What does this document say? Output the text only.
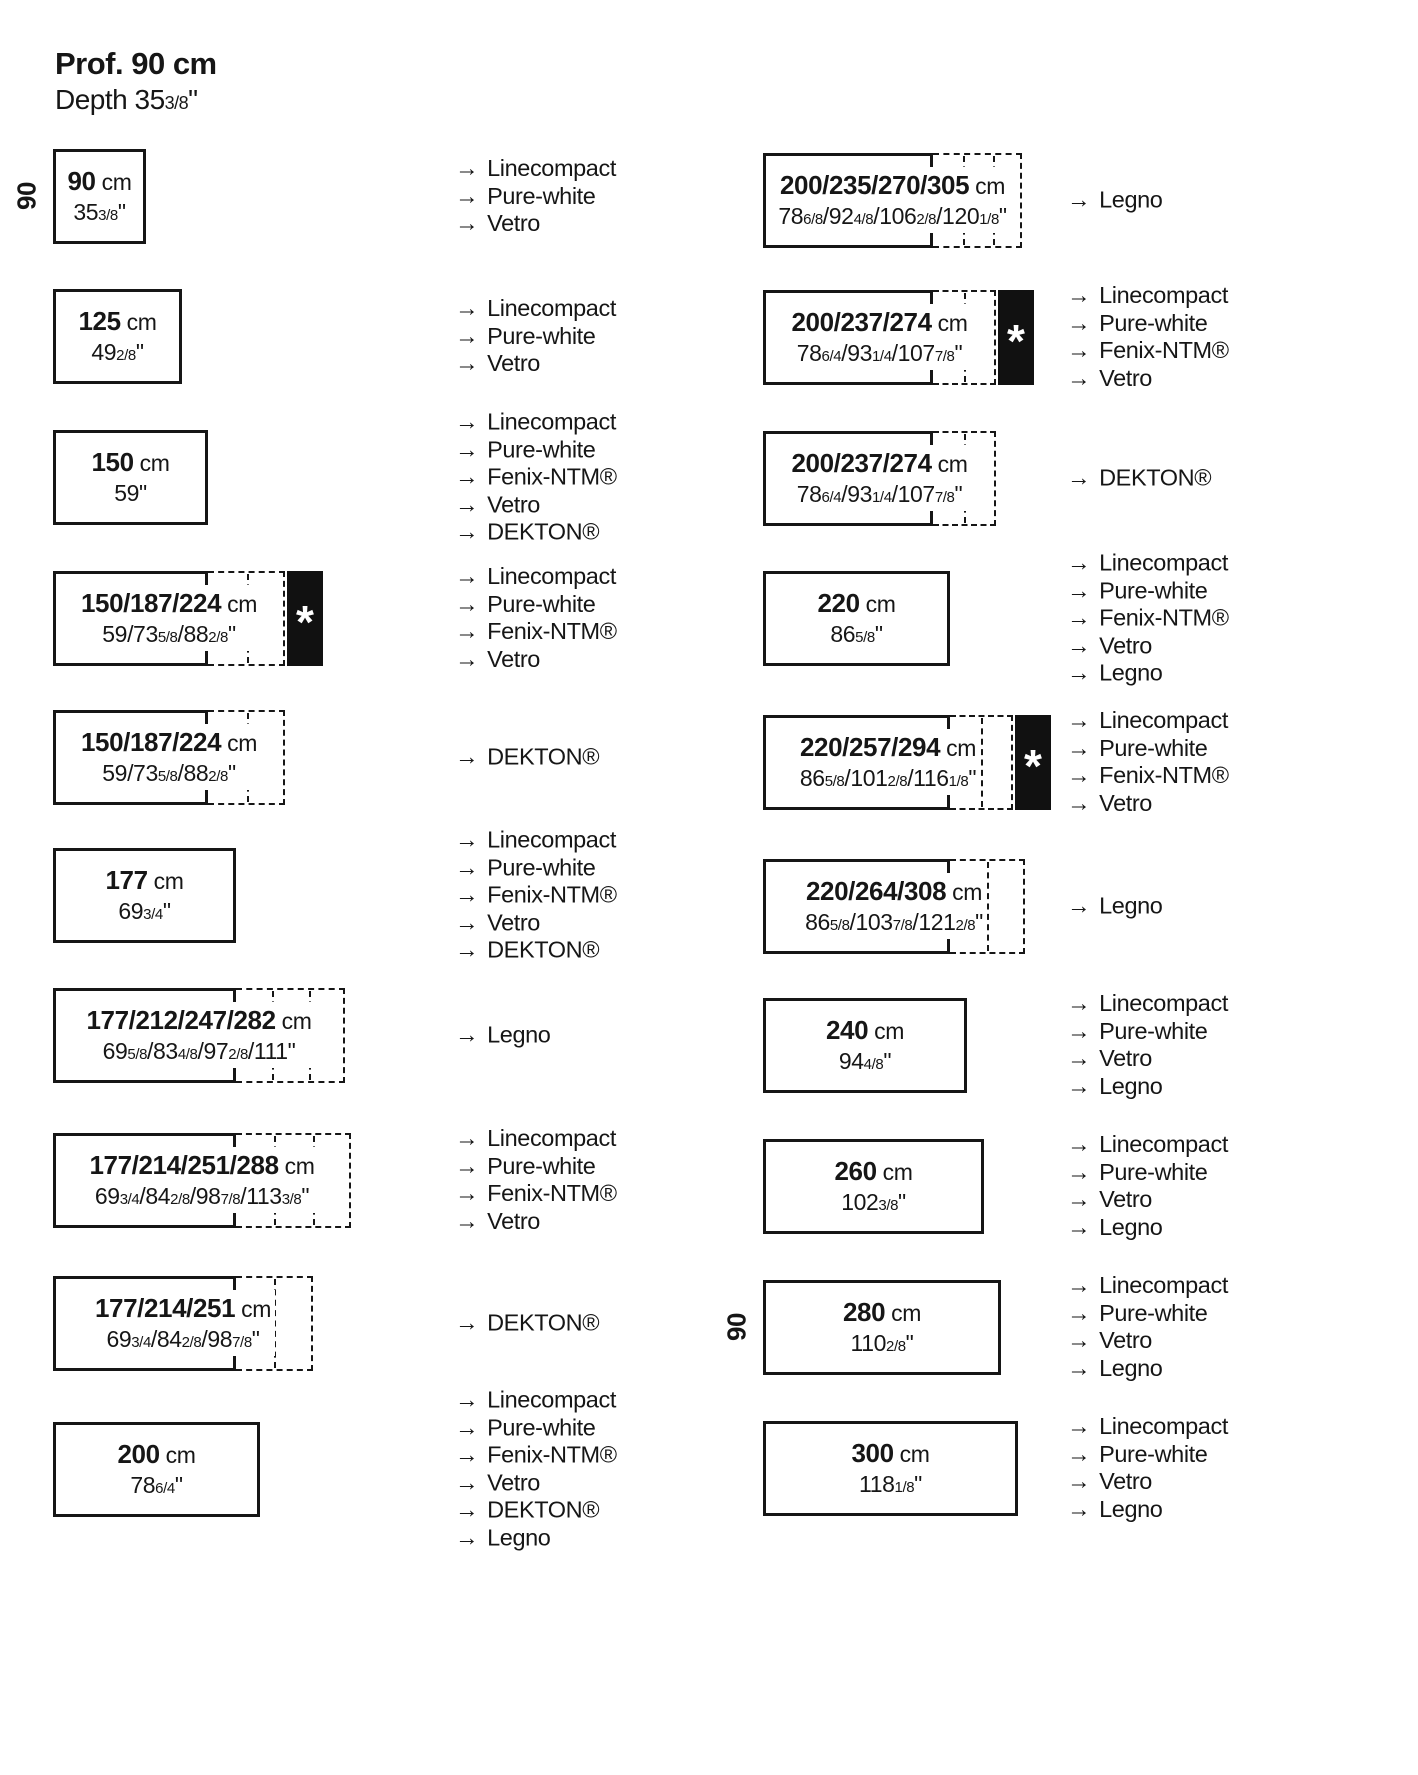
Prof. 90 cm
Depth 353/8"
90 90 cm
353/8"
→ Linecompact
→ Pure-white
→ Vetro
125 cm
492/8"
→ Linecompact
→ Pure-white
→ Vetro
150 cm
59"
→ Linecompact
→ Pure-white
→ Fenix-NTM®
→ Vetro
→ DEKTON®
*
150/187/224 cm
59/735/8/882/8"
→ Linecompact
→ Pure-white
→ Fenix-NTM®
→ Vetro
150/187/224 cm
59/735/8/882/8"
→ DEKTON®
177 cm
693/4"
→ Linecompact
→ Pure-white
→ Fenix-NTM®
→ Vetro
→ DEKTON®
177/212/247/282 cm
695/8/834/8/972/8/111"
→ Legno
177/214/251/288 cm
693/4/842/8/987/8/1133/8"
→ Linecompact
→ Pure-white
→ Fenix-NTM®
→ Vetro
177/214/251 cm
693/4/842/8/987/8"
→ DEKTON®
200 cm
786/4"
→ Linecompact
→ Pure-white
→ Fenix-NTM®
→ Vetro
→ DEKTON®
→ Legno
200/235/270/305 cm
786/8/924/8/1062/8/1201/8"
→ Legno
*
200/237/274 cm
786/4/931/4/1077/8"
→ Linecompact
→ Pure-white
→ Fenix-NTM®
→ Vetro
200/237/274 cm
786/4/931/4/1077/8"
→ DEKTON®
220 cm
865/8"
→ Linecompact
→ Pure-white
→ Fenix-NTM®
→ Vetro
→ Legno
*
220/257/294 cm
865/8/1012/8/1161/8"
→ Linecompact
→ Pure-white
→ Fenix-NTM®
→ Vetro
220/264/308 cm
865/8/1037/8/1212/8"
→ Legno
240 cm
944/8"
→ Linecompact
→ Pure-white
→ Vetro
→ Legno
260 cm
1023/8"
→ Linecompact
→ Pure-white
→ Vetro
→ Legno
90	280 cm
1102/8"
→ Linecompact
→ Pure-white
→ Vetro
→ Legno
300 cm
1181/8"
→ Linecompact
→ Pure-white
→ Vetro
→ Legno
